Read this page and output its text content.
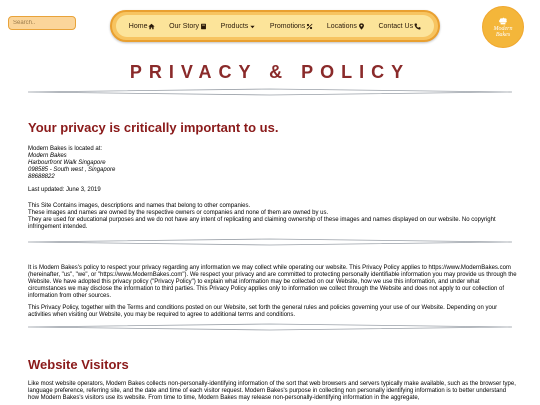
Search..
Home	Our Story	Products	Promotions	Locations	Contact Us	Modern
Bakes
PRIVACY & POLICY
Your privacy is critically important to us.
Modern Bakes is located at:
Modern Bakes
Harbourfront Walk Singapore
098585 - South west , Singapore
88688822

Last updated: June 3, 2019

This Site Contains images, descriptions and names that belong to other companies.
These images and names are owned by the respective owners or companies and none of them are owned by us.
They are used for educational purposes and we do not have any intent of replicating and claiming ownership of these images and names displayed on our website. No copyright infringement intended.

It is Modern Bakes's policy to respect your privacy regarding any information we may collect while operating our website. This Privacy Policy applies to https://www.ModernBakes.com (hereinafter, "us", "we", or "https://www.ModernBakes.com"). We respect your privacy and are committed to protecting personally identifiable information you may provide us through the Website. We have adopted this privacy policy ("Privacy Policy") to explain what information may be collected on our Website, how we use this information, and under what circumstances we may disclose the information to third parties. This Privacy Policy applies only to information we collect through the Website and does not apply to our collection of information from other sources.

This Privacy Policy, together with the Terms and conditions posted on our Website, set forth the general rules and policies governing your use of our Website. Depending on your activities when visiting our Website, you may be required to agree to additional terms and conditions.

Website Visitors

Like most website operators, Modern Bakes collects non-personally-identifying information of the sort that web browsers and servers typically make available, such as the browser type, language preference, referring site, and the date and time of each visitor request. Modern Bakes's purpose in collecting non personally identifying information is to better understand how Modern Bakes's visitors use its website. From time to time, Modern Bakes may release non-personally-identifying information in the aggregate,
